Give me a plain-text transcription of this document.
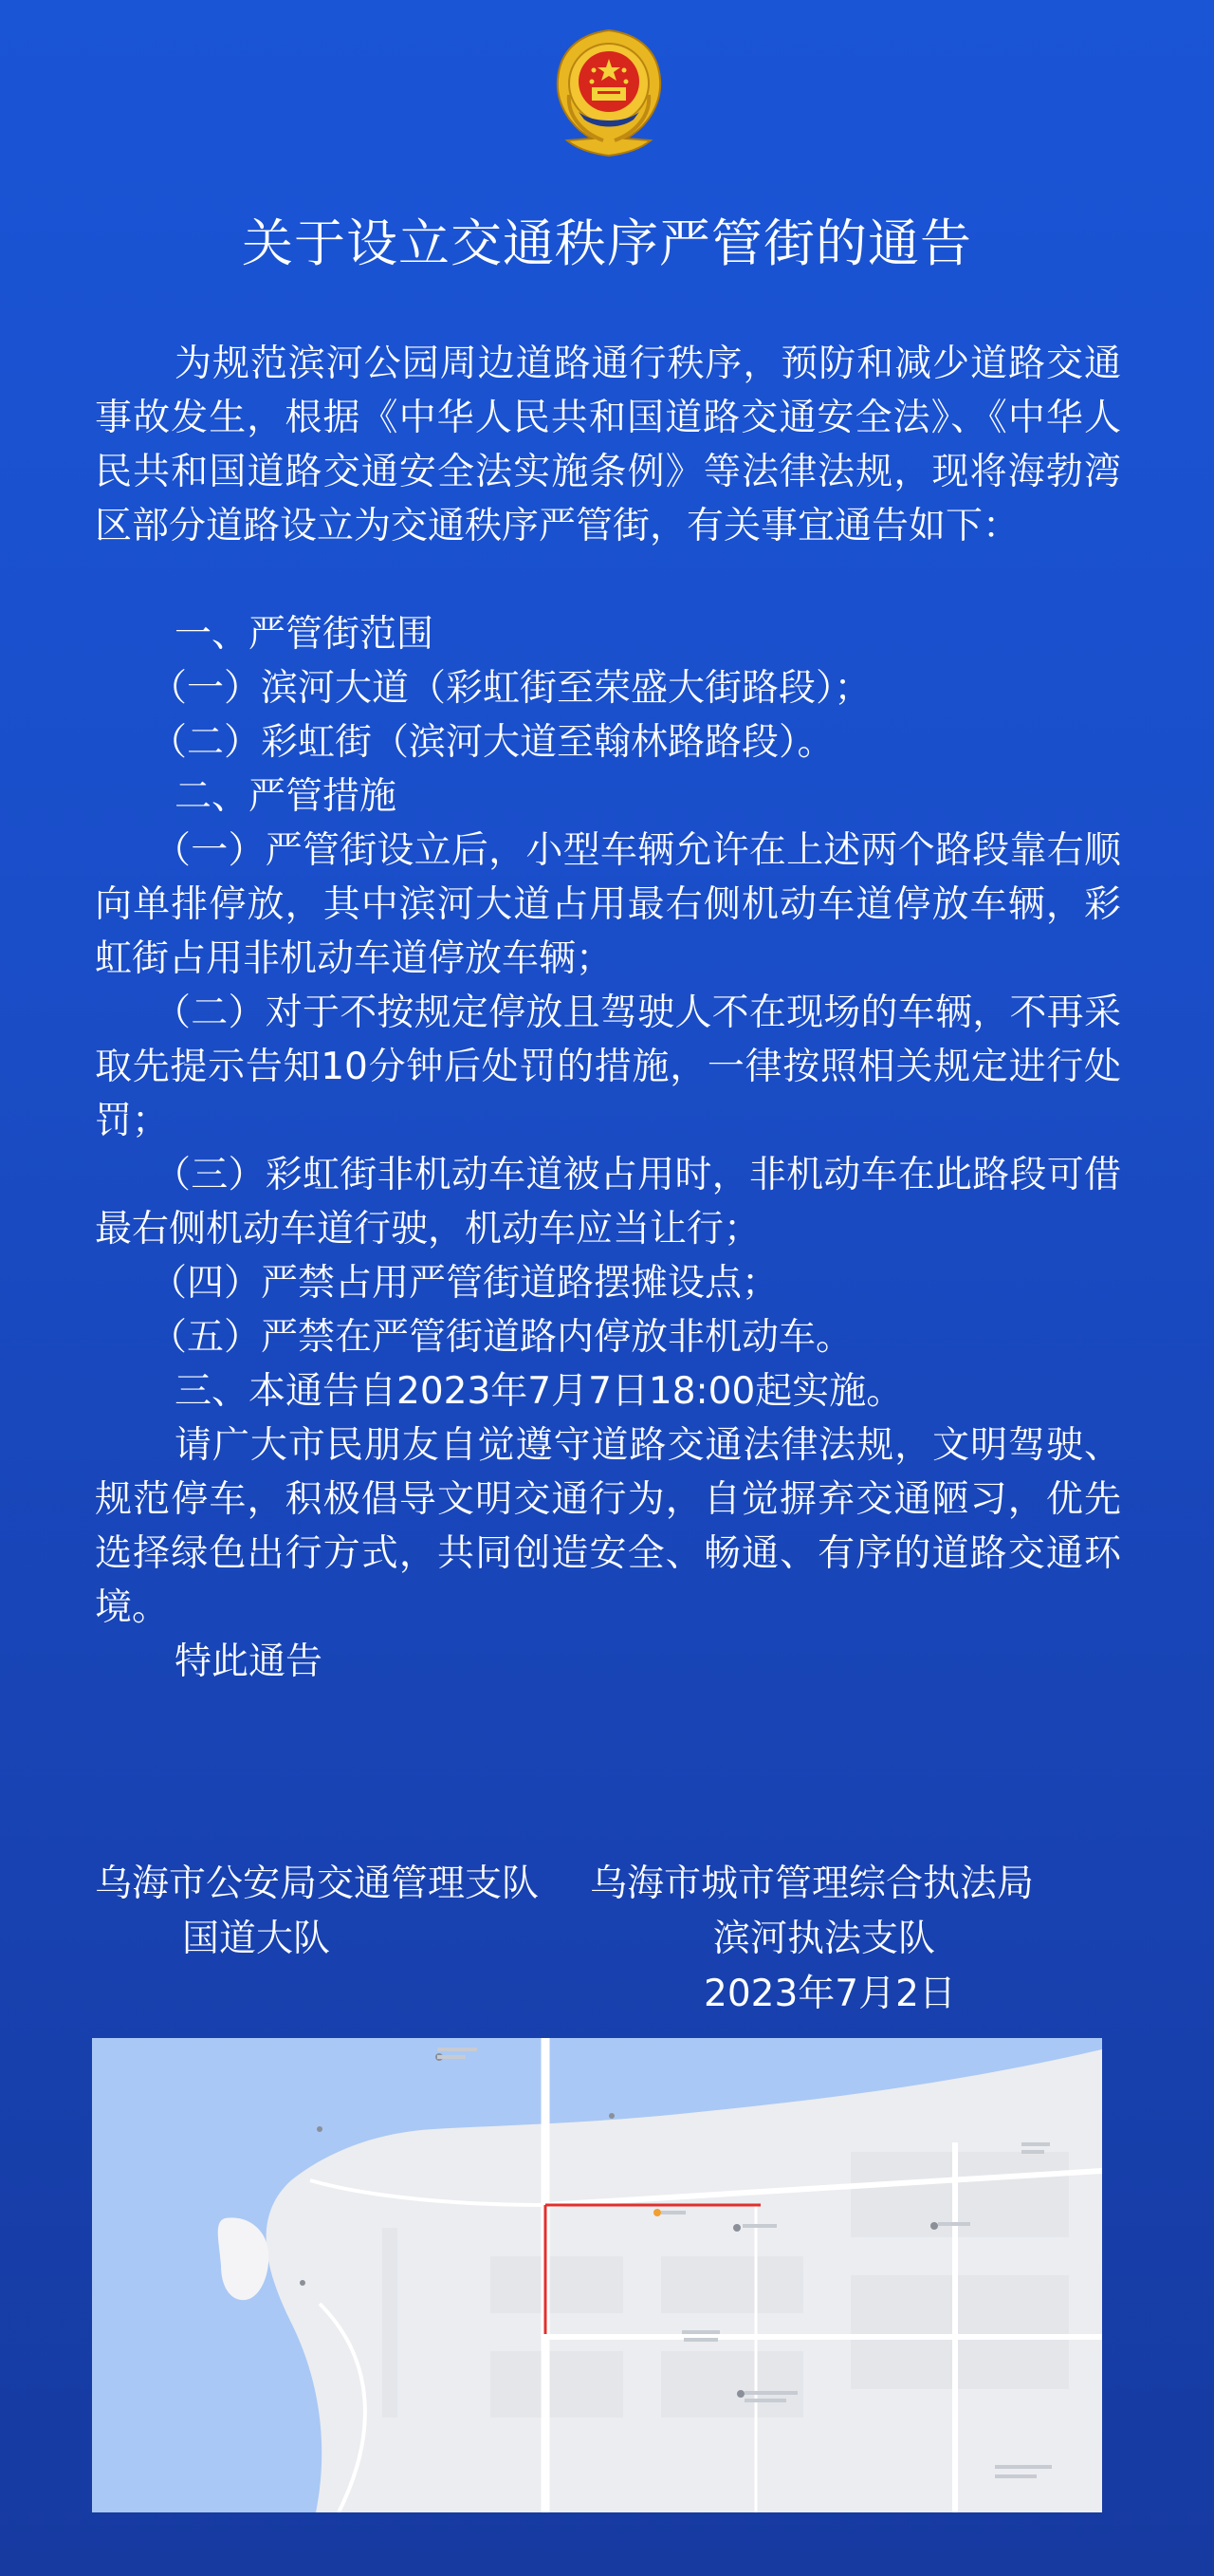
关于设立交通秩序严管街的通告

为规范滨河公园周边道路通行秩序，预防和减少道路交通事故发生，根据《中华人民共和国道路交通安全法》、《中华人民共和国道路交通安全法实施条例》等法律法规，现将海勃湾区部分道路设立为交通秩序严管街，有关事宜通告如下：

一、严管街范围

（一）滨河大道（彩虹街至荣盛大街路段）；

（二）彩虹街（滨河大道至翰林路路段）。

二、严管措施

（一）严管街设立后，小型车辆允许在上述两个路段靠右顺向单排停放，其中滨河大道占用最右侧机动车道停放车辆，彩虹街占用非机动车道停放车辆；

（二）对于不按规定停放且驾驶人不在现场的车辆，不再采取先提示告知10分钟后处罚的措施，一律按照相关规定进行处罚；

（三）彩虹街非机动车道被占用时，非机动车在此路段可借最右侧机动车道行驶，机动车应当让行；

（四）严禁占用严管街道路摆摊设点；

（五）严禁在严管街道路内停放非机动车。

三、本通告自2023年7月7日18:00起实施。

请广大市民朋友自觉遵守道路交通法律法规，文明驾驶、规范停车，积极倡导文明交通行为，自觉摒弃交通陋习，优先选择绿色出行方式，共同创造安全、畅通、有序的道路交通环境。

特此通告

乌海市公安局交通管理支队
国道大队
乌海市城市管理综合执法局
滨河执法支队
2023年7月2日
